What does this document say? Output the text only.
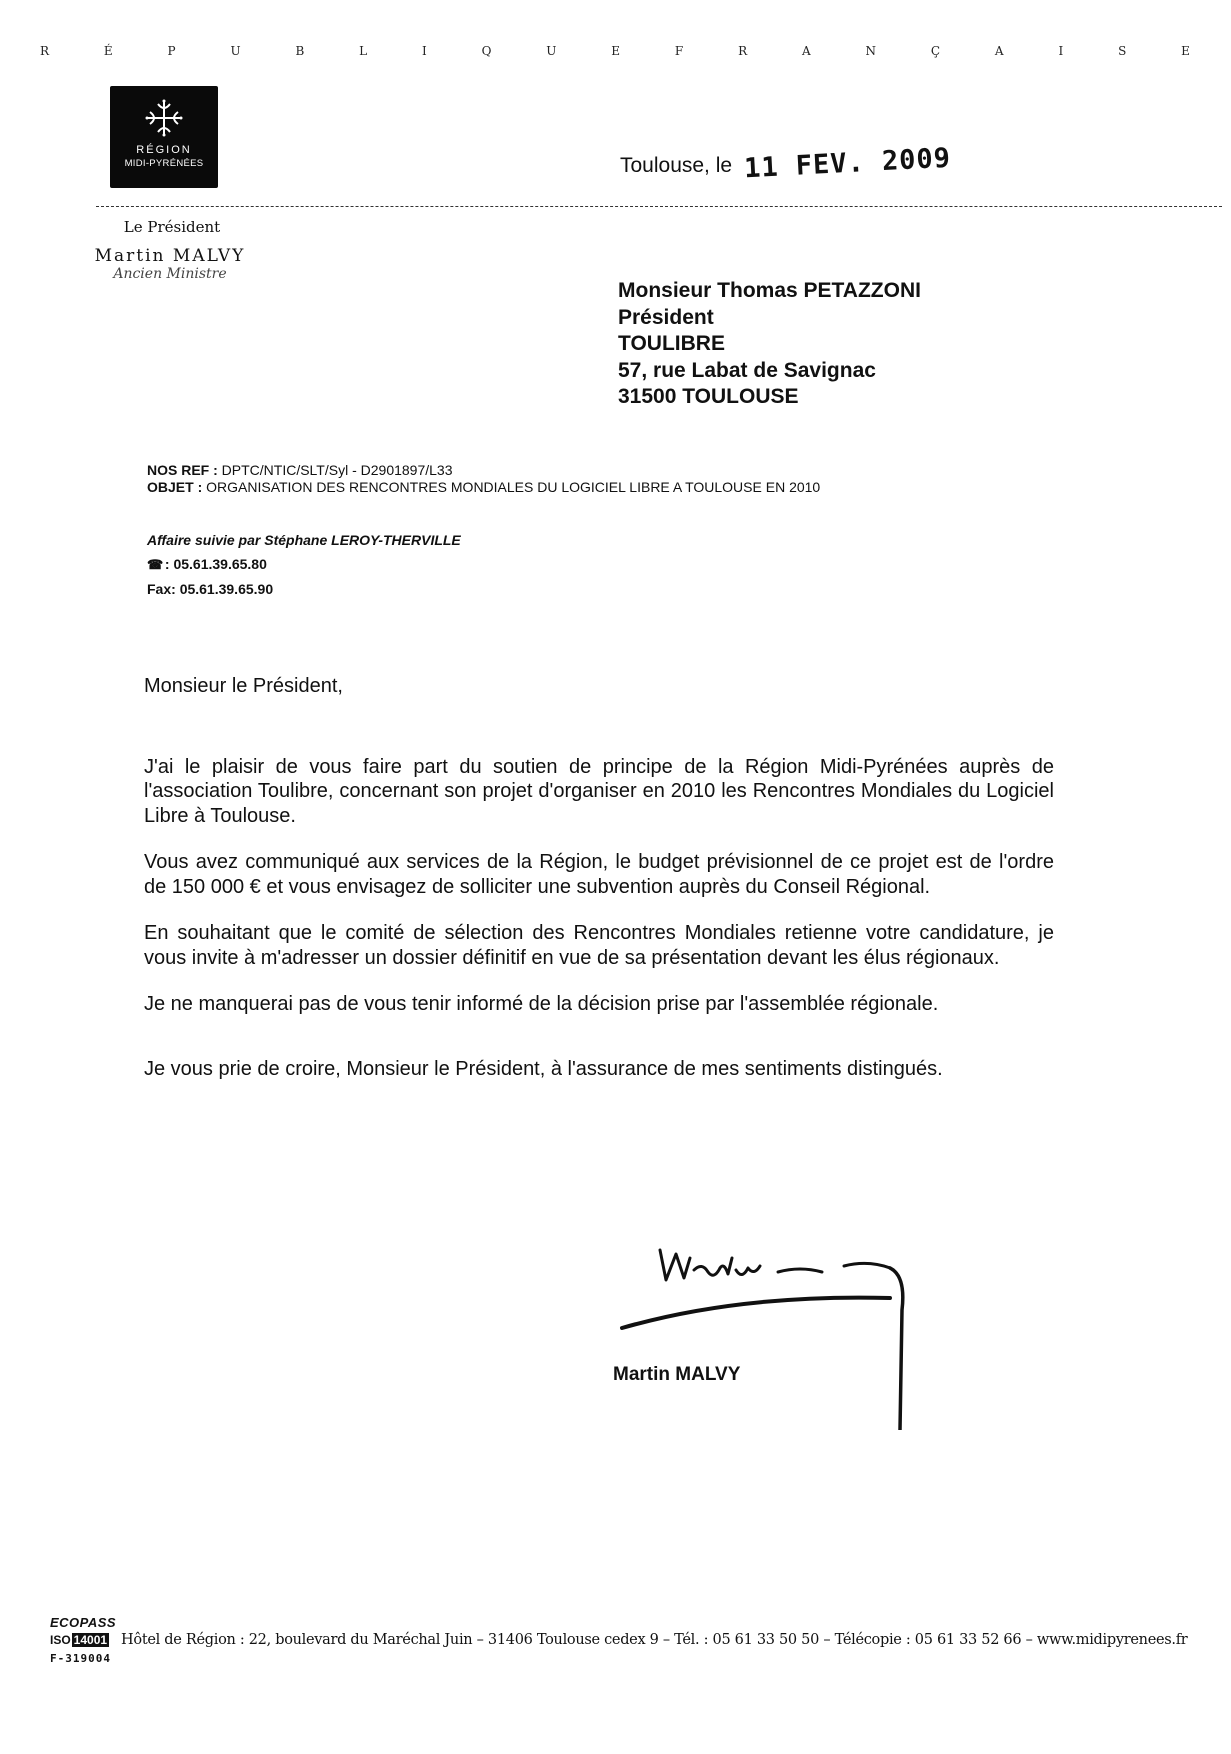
R	É	P	U	B	L	I	Q	U	E	F	R	A	N	Ç	A	I	S	E
RÉGION
MIDI-PYRÉNÉES	Toulouse, le 11 FEV. 2009
Le Président
Martin MALVY
Ancien Ministre
Monsieur Thomas PETAZZONI
Président
TOULIBRE
57, rue Labat de Savignac
31500 TOULOUSE
NOS REF : DPTC/NTIC/SLT/Syl - D2901897/L33
OBJET : ORGANISATION DES RENCONTRES MONDIALES DU LOGICIEL LIBRE A TOULOUSE EN 2010
Affaire suivie par Stéphane LEROY-THERVILLE
☎ : 05.61.39.65.80
Fax: 05.61.39.65.90

Monsieur le Président,

J'ai le plaisir de vous faire part du soutien de principe de la Région Midi-Pyrénées auprès de l'association Toulibre, concernant son projet d'organiser en 2010 les Rencontres Mondiales du Logiciel Libre à Toulouse.

Vous avez communiqué aux services de la Région, le budget prévisionnel de ce projet est de l'ordre de 150 000 € et vous envisagez de solliciter une subvention auprès du Conseil Régional.

En souhaitant que le comité de sélection des Rencontres Mondiales retienne votre candidature, je vous invite à m'adresser un dossier définitif en vue de sa présentation devant les élus régionaux.

Je ne manquerai pas de vous tenir informé de la décision prise par l'assemblée régionale.

Je vous prie de croire, Monsieur le Président, à l'assurance de mes sentiments distingués.

Martin MALVY
ECOPASS
ISO 14001 Hôtel de Région : 22, boulevard du Maréchal Juin – 31406 Toulouse cedex 9 – Tél. : 05 61 33 50 50 – Télécopie : 05 61 33 52 66 – www.midipyrenees.fr
F-319004
